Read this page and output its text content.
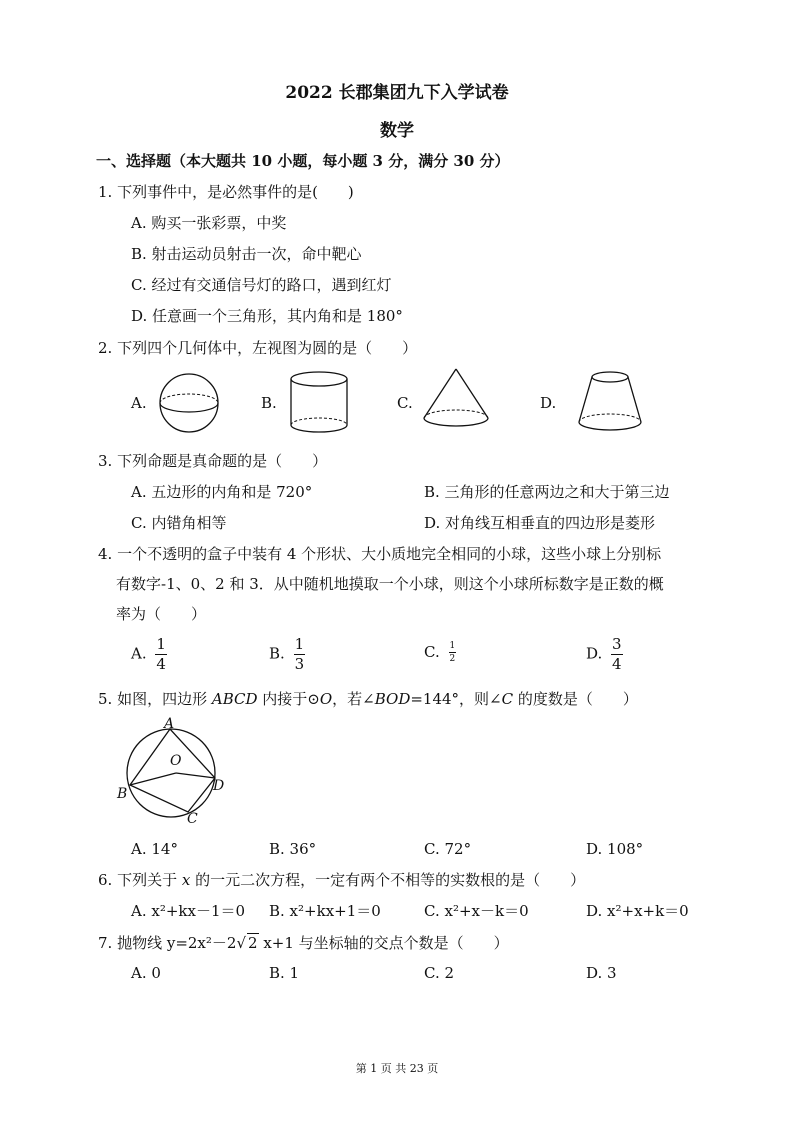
2022 长郡集团九下入学试卷
数学
一、选择题（本大题共 10 小题，每小题 3 分，满分 30 分）
1. 下列事件中，是必然事件的是(　　)
A. 购买一张彩票，中奖
B. 射击运动员射击一次，命中靶心
C. 经过有交通信号灯的路口，遇到红灯
D. 任意画一个三角形，其内角和是 180°
2. 下列四个几何体中，左视图为圆的是（　　）
A.	B.	C.	D.
3. 下列命题是真命题的是（　　）
A. 五边形的内角和是 720°	B. 三角形的任意两边之和大于第三边
C. 内错角相等	D. 对角线互相垂直的四边形是菱形
4. 一个不透明的盒子中装有 4 个形状、大小质地完全相同的小球，这些小球上分别标
有数字-1、0、2 和 3．从中随机地摸取一个小球，则这个小球所标数字是正数的概
率为（　　）
A. $\frac{1}{4}$	B. $\frac{1}{3}$	C. $\frac{1}{2}$	D. $\frac{3}{4}$
5. 如图，四边形 ABCD 内接于⊙O，若∠BOD=144°，则∠C 的度数是（　　）
A
O
B	D
C
A. 14°	B. 36°	C. 72°	D. 108°
6. 下列关于 x 的一元二次方程，一定有两个不相等的实数根的是（　　）
A. x²+kx－1＝0 B. x²+kx+1＝0	C. x²+x－k＝0	D. x²+x+k＝0
7. 抛物线 y=2x²－2√ 2 x+1 与坐标轴的交点个数是（　　）
A. 0	B. 1	C. 2	D. 3
第 1 页 共 23 页
